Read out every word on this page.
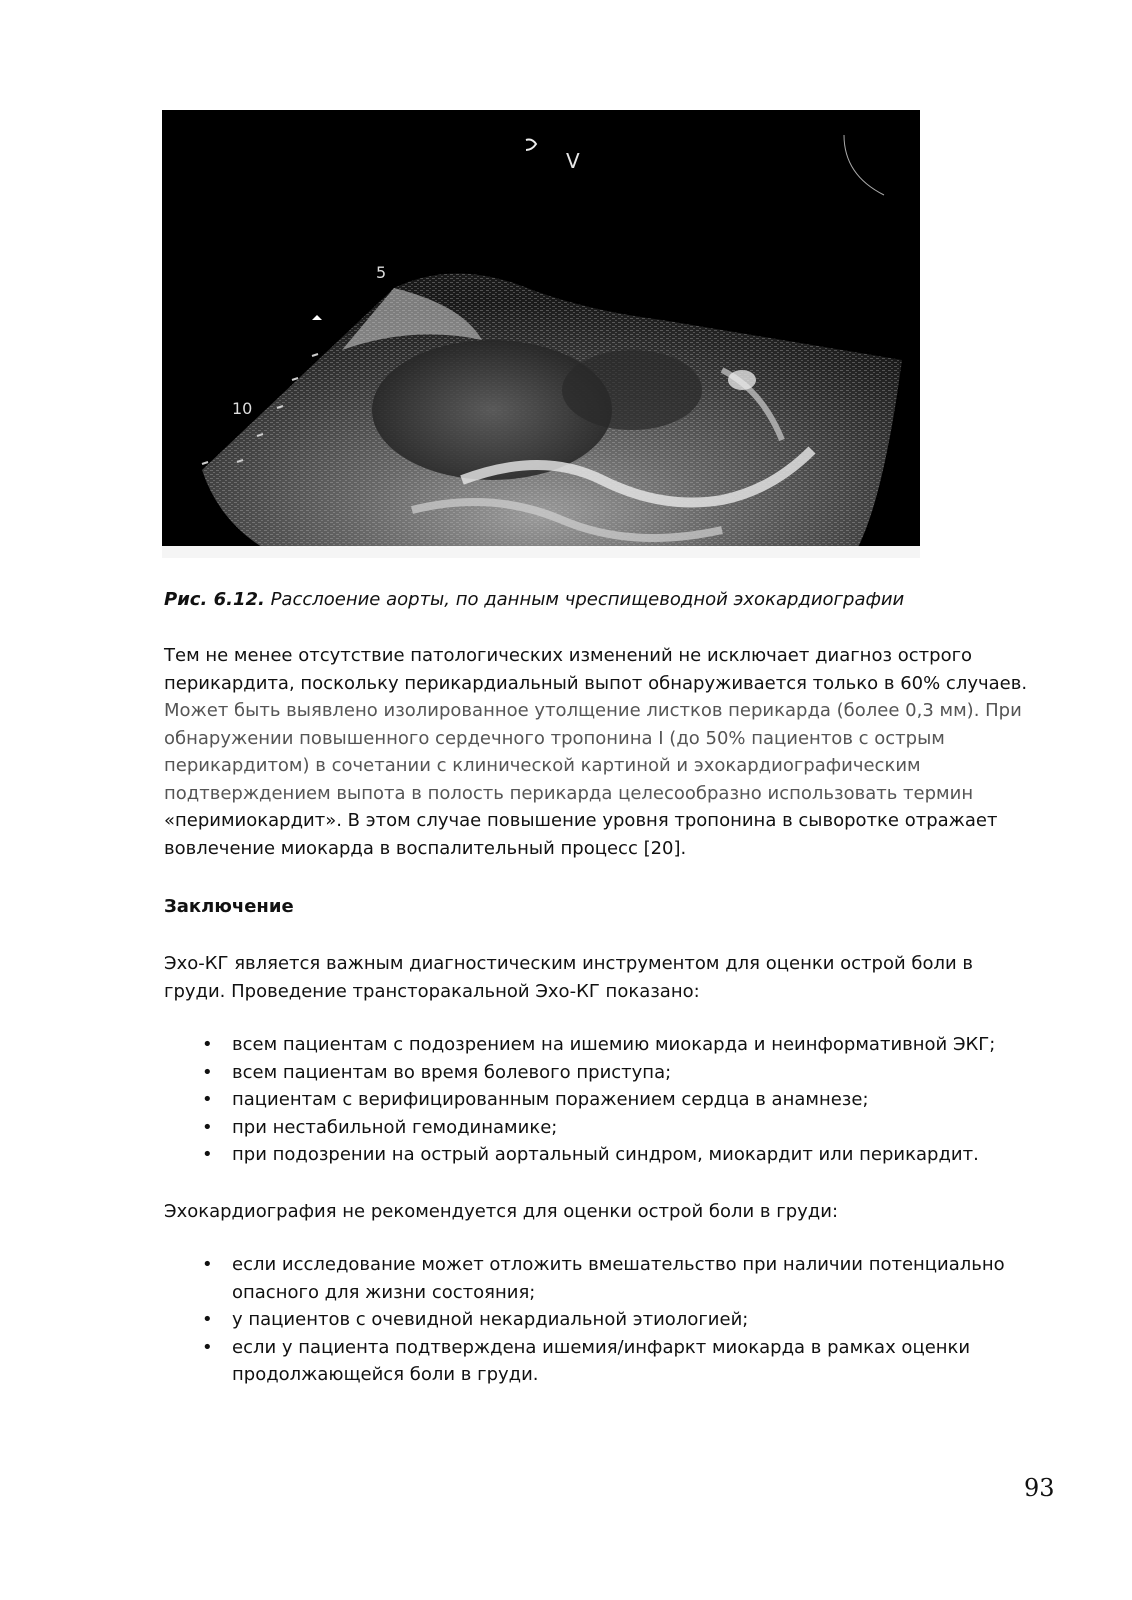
V
5
10
Рис. 6.12. Расслоение аорты, по данным чреспищеводной эхокардиографии
Тем не менее отсутствие патологических изменений не исключает диагноз острого
перикардита, поскольку перикардиальный выпот обнаруживается только в 60% случаев.
Может быть выявлено изолированное утолщение листков перикарда (более 0,3 мм). При
обнаружении повышенного сердечного тропонина I (до 50% пациентов с острым
перикардитом) в сочетании с клинической картиной и эхокардиографическим
подтверждением выпота в полость перикарда целесообразно использовать термин
«перимиокардит». В этом случае повышение уровня тропонина в сыворотке отражает
вовлечение миокарда в воспалительный процесс [20].
Заключение
Эхо-КГ является важным диагностическим инструментом для оценки острой боли в
груди. Проведение трансторакальной Эхо-КГ показано:
• всем пациентам с подозрением на ишемию миокарда и неинформативной ЭКГ;
• всем пациентам во время болевого приступа;
• пациентам с верифицированным поражением сердца в анамнезе;
• при нестабильной гемодинамике;
• при подозрении на острый аортальный синдром, миокардит или перикардит.

Эхокардиография не рекомендуется для оценки острой боли в груди:

• если исследование может отложить вмешательство при наличии потенциально
опасного для жизни состояния;
• у пациентов с очевидной некардиальной этиологией;
• если у пациента подтверждена ишемия/инфаркт миокарда в рамках оценки
продолжающейся боли в груди.
93
